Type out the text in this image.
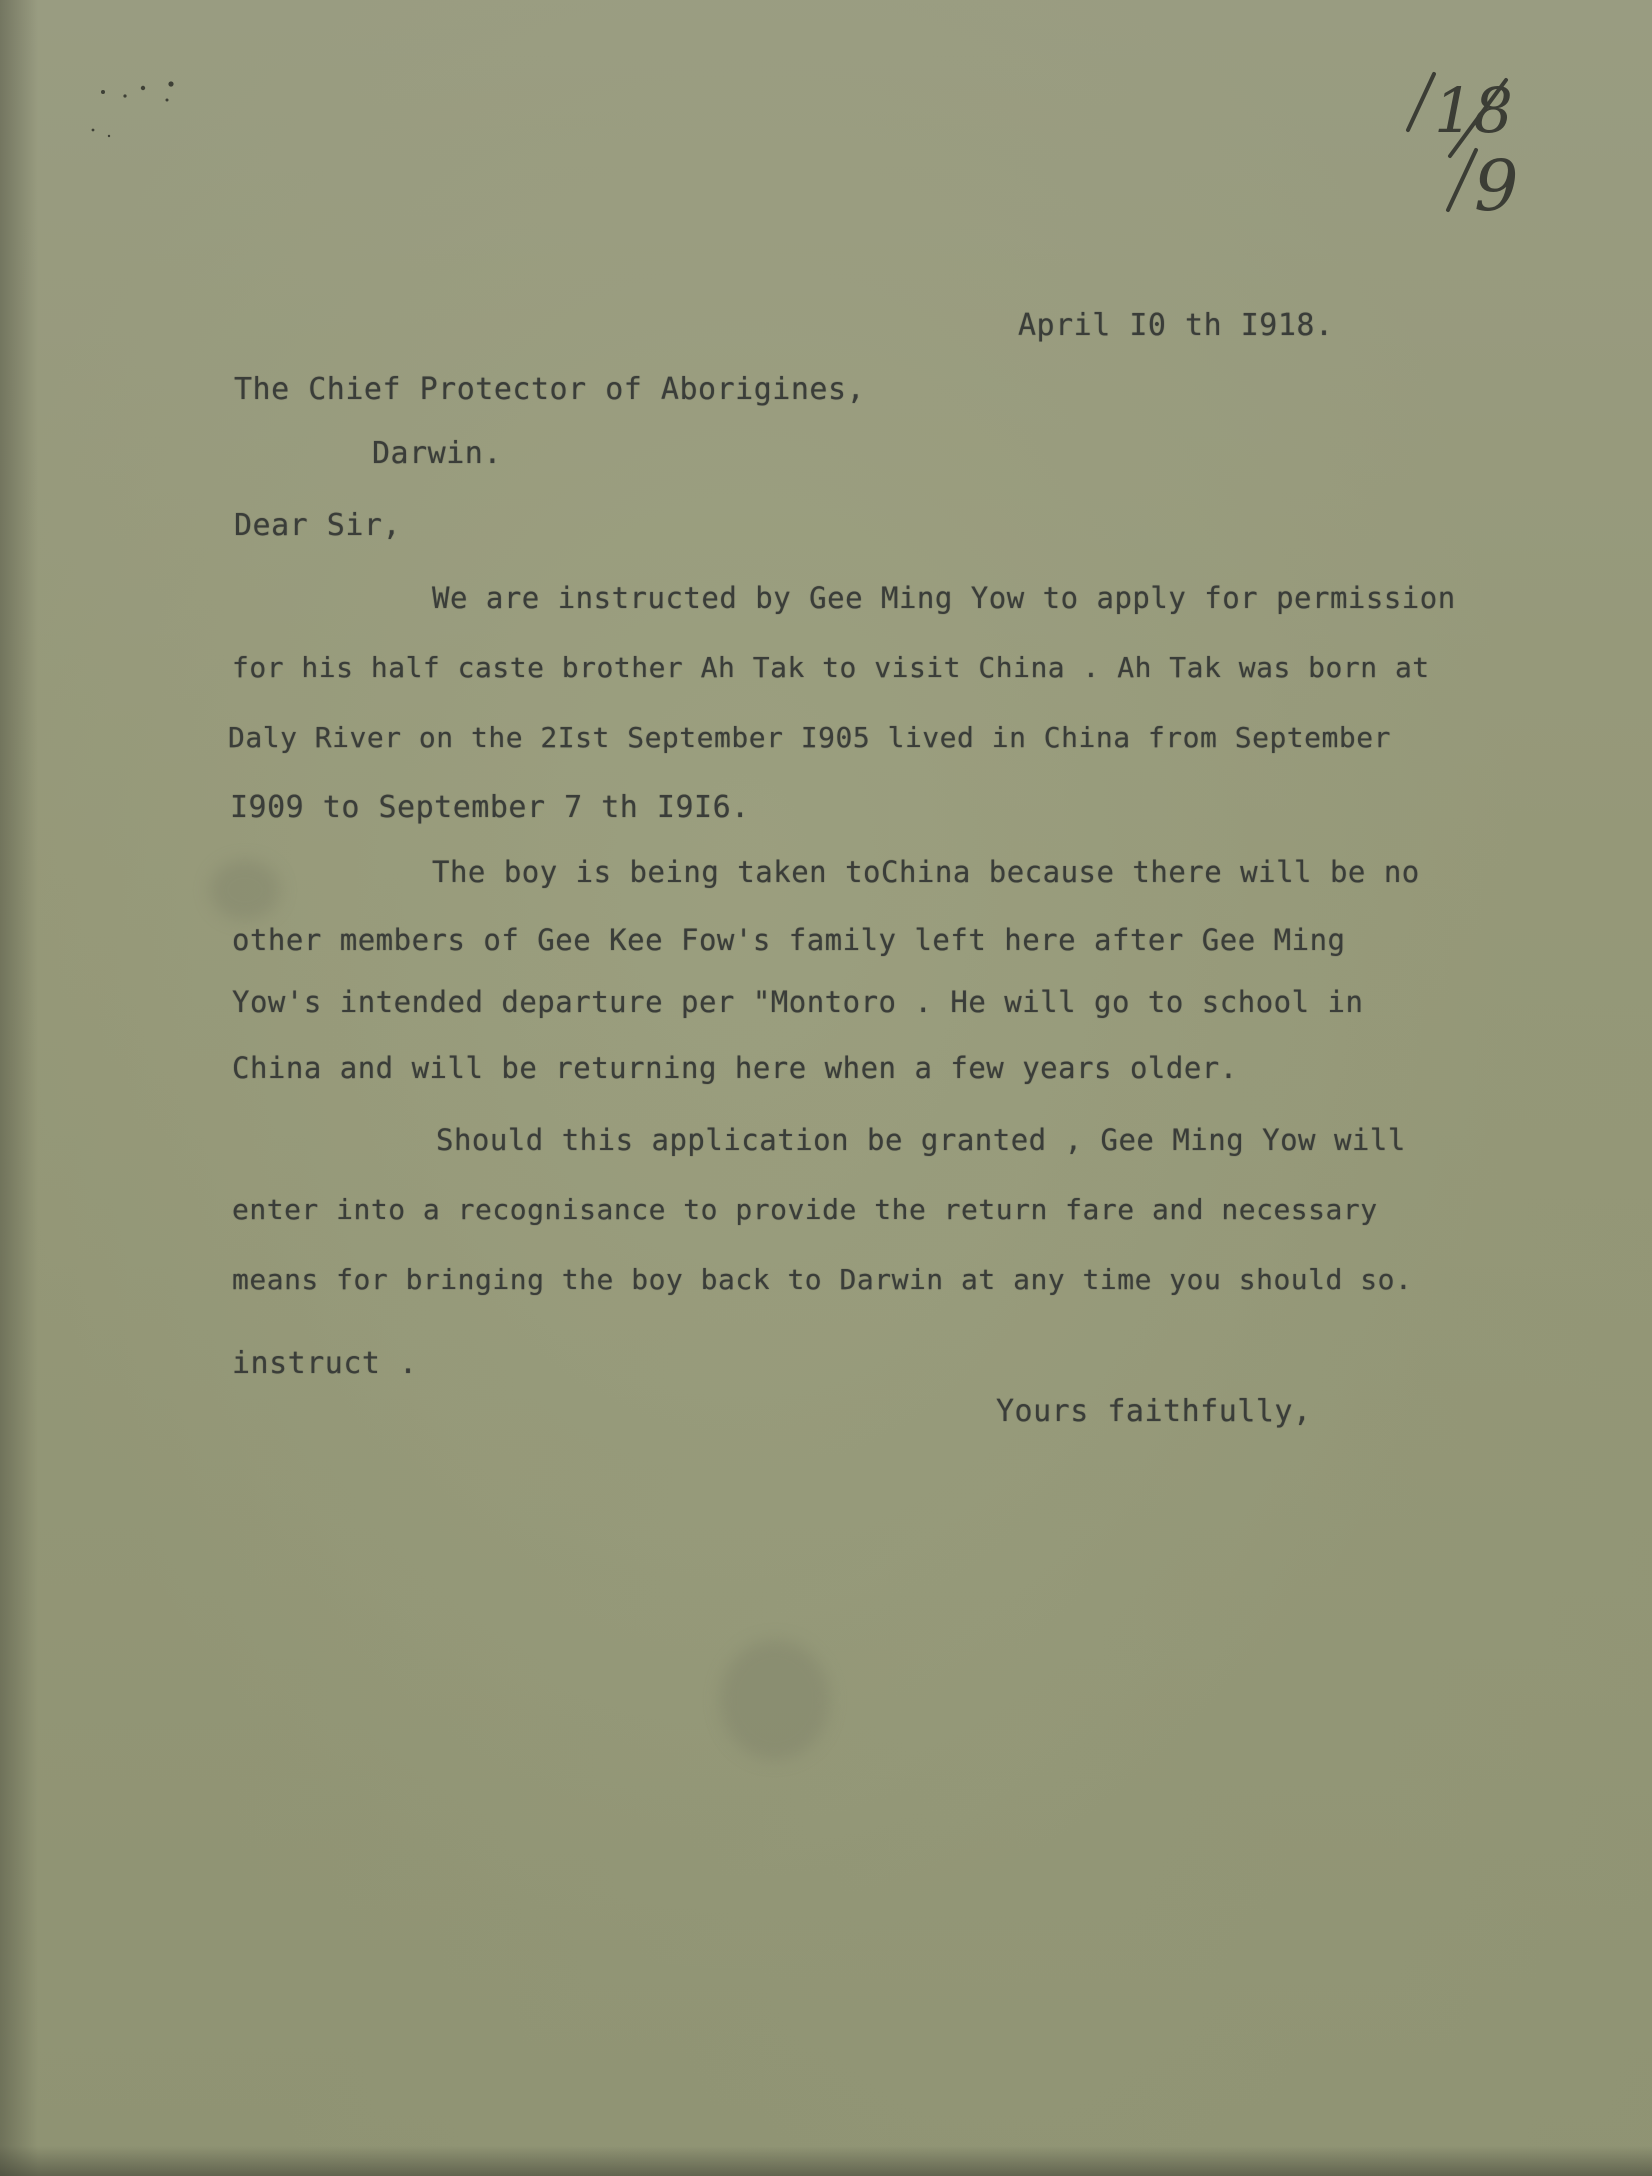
18
9

April I0 th I918.

The Chief Protector of Aborigines,

Darwin.

Dear Sir,

We are instructed by Gee Ming Yow to apply for permission

for his half caste brother Ah Tak to visit China . Ah Tak was born at

Daly River on the 2Ist September I905 lived in China from September

I909 to September 7 th I9I6.

The boy is being taken toChina because there will be no

other members of Gee Kee Fow's family left here after Gee Ming

Yow's intended departure per "Montoro . He will go to school in

China and will be returning here when a few years older.

Should this application be granted , Gee Ming Yow will

enter into a recognisance to provide the return fare and necessary

means for bringing the boy back to Darwin at any time you should so.

instruct .

Yours faithfully,
